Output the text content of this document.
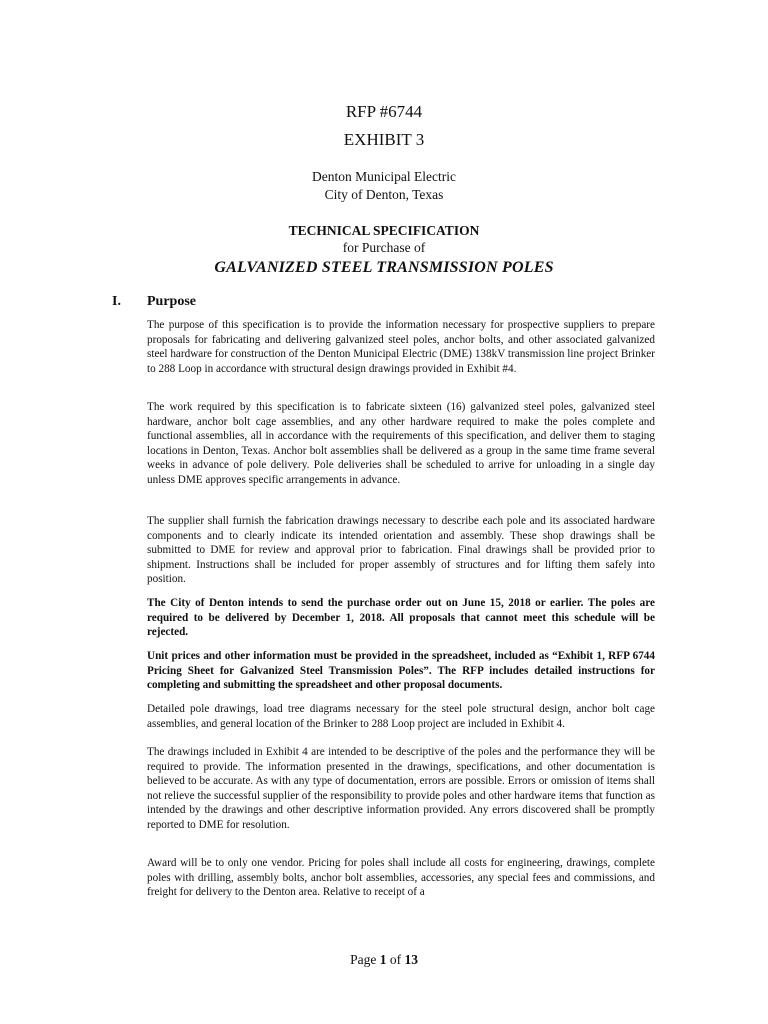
RFP #6744
EXHIBIT 3
Denton Municipal Electric
City of Denton, Texas
TECHNICAL SPECIFICATION
for Purchase of
GALVANIZED STEEL TRANSMISSION POLES
I. Purpose
The purpose of this specification is to provide the information necessary for prospective suppliers to prepare proposals for fabricating and delivering galvanized steel poles, anchor bolts, and other associated galvanized steel hardware for construction of the Denton Municipal Electric (DME) 138kV transmission line project Brinker to 288 Loop in accordance with structural design drawings provided in Exhibit #4.
The work required by this specification is to fabricate sixteen (16) galvanized steel poles, galvanized steel hardware, anchor bolt cage assemblies, and any other hardware required to make the poles complete and functional assemblies, all in accordance with the requirements of this specification, and deliver them to staging locations in Denton, Texas. Anchor bolt assemblies shall be delivered as a group in the same time frame several weeks in advance of pole delivery. Pole deliveries shall be scheduled to arrive for unloading in a single day unless DME approves specific arrangements in advance.
The supplier shall furnish the fabrication drawings necessary to describe each pole and its associated hardware components and to clearly indicate its intended orientation and assembly. These shop drawings shall be submitted to DME for review and approval prior to fabrication. Final drawings shall be provided prior to shipment. Instructions shall be included for proper assembly of structures and for lifting them safely into position.
The City of Denton intends to send the purchase order out on June 15, 2018 or earlier. The poles are required to be delivered by December 1, 2018. All proposals that cannot meet this schedule will be rejected.
Unit prices and other information must be provided in the spreadsheet, included as “Exhibit 1, RFP 6744 Pricing Sheet for Galvanized Steel Transmission Poles”. The RFP includes detailed instructions for completing and submitting the spreadsheet and other proposal documents.
Detailed pole drawings, load tree diagrams necessary for the steel pole structural design, anchor bolt cage assemblies, and general location of the Brinker to 288 Loop project are included in Exhibit 4.
The drawings included in Exhibit 4 are intended to be descriptive of the poles and the performance they will be required to provide. The information presented in the drawings, specifications, and other documentation is believed to be accurate. As with any type of documentation, errors are possible. Errors or omission of items shall not relieve the successful supplier of the responsibility to provide poles and other hardware items that function as intended by the drawings and other descriptive information provided. Any errors discovered shall be promptly reported to DME for resolution.
Award will be to only one vendor. Pricing for poles shall include all costs for engineering, drawings, complete poles with drilling, assembly bolts, anchor bolt assemblies, accessories, any special fees and commissions, and freight for delivery to the Denton area. Relative to receipt of a
Page 1 of 13
